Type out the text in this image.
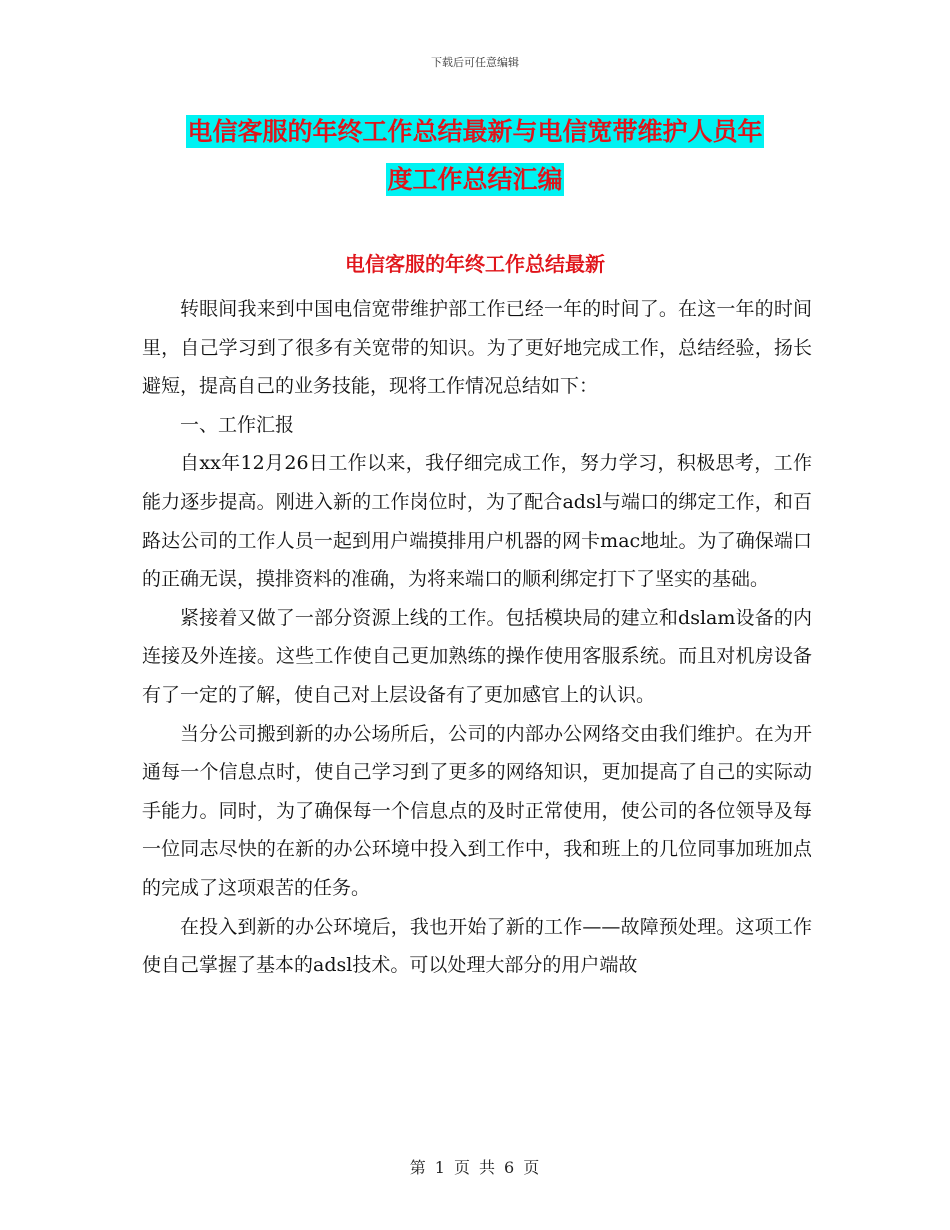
下载后可任意编辑
电信客服的年终工作总结最新与电信宽带维护人员年
度工作总结汇编
电信客服的年终工作总结最新

转眼间我来到中国电信宽带维护部工作已经一年的时间了。在这一年的时间里，自己学习到了很多有关宽带的知识。为了更好地完成工作，总结经验，扬长避短，提高自己的业务技能，现将工作情况总结如下：

一、工作汇报

自xx年12月26日工作以来，我仔细完成工作，努力学习，积极思考，工作能力逐步提高。刚进入新的工作岗位时，为了配合adsl与端口的绑定工作，和百路达公司的工作人员一起到用户端摸排用户机器的网卡mac地址。为了确保端口的正确无误，摸排资料的准确，为将来端口的顺利绑定打下了坚实的基础。

紧接着又做了一部分资源上线的工作。包括模块局的建立和dslam设备的内连接及外连接。这些工作使自己更加熟练的操作使用客服系统。而且对机房设备有了一定的了解，使自己对上层设备有了更加感官上的认识。

当分公司搬到新的办公场所后，公司的内部办公网络交由我们维护。在为开通每一个信息点时，使自己学习到了更多的网络知识，更加提高了自己的实际动手能力。同时，为了确保每一个信息点的及时正常使用，使公司的各位领导及每一位同志尽快的在新的办公环境中投入到工作中，我和班上的几位同事加班加点的完成了这项艰苦的任务。

在投入到新的办公环境后，我也开始了新的工作——故障预处理。这项工作使自己掌握了基本的adsl技术。可以处理大部分的用户端故

第 1 页 共 6 页
